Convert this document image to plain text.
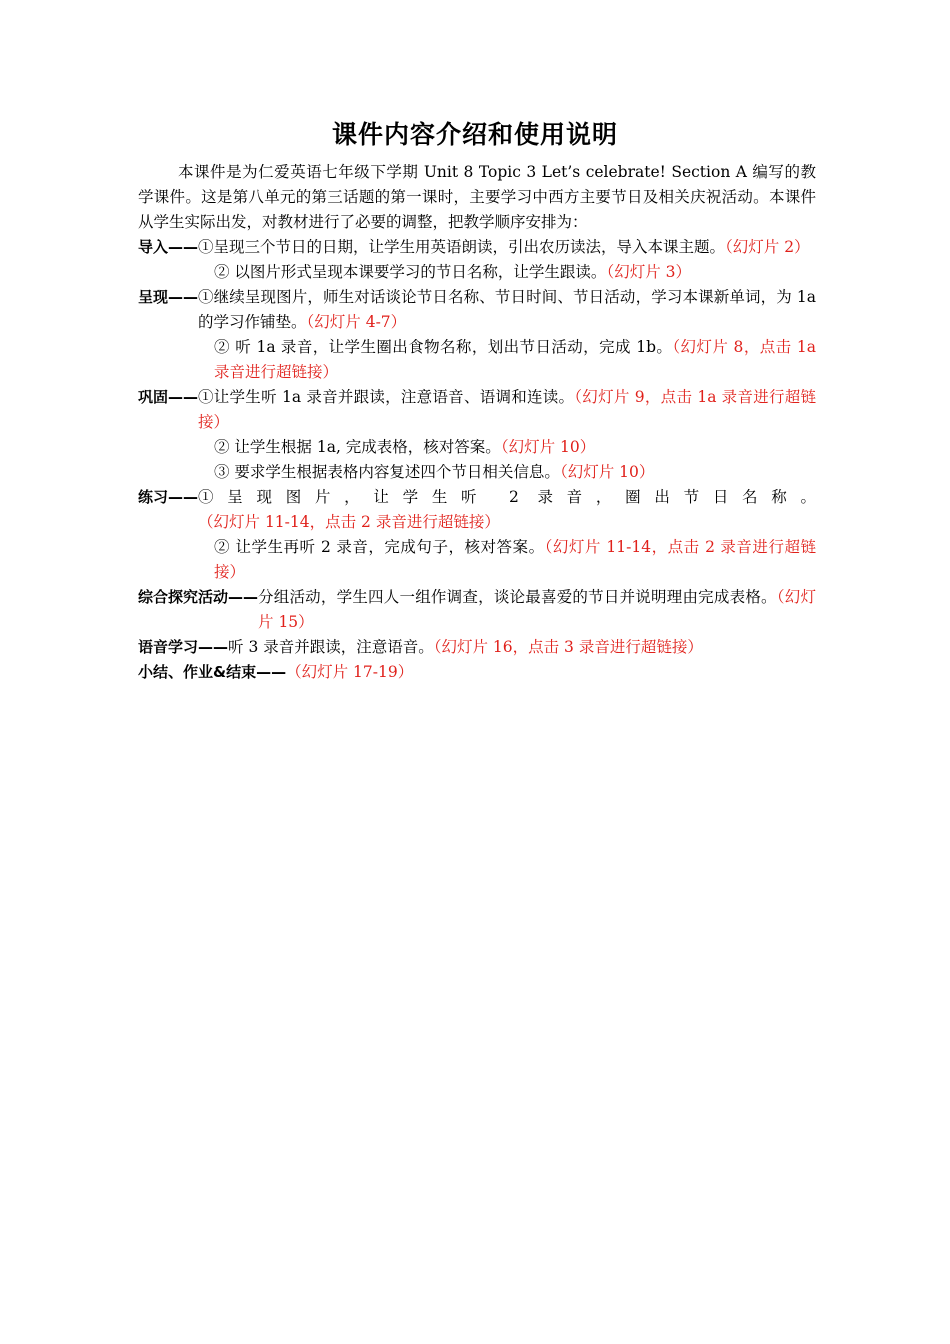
课件内容介绍和使用说明

本课件是为仁爱英语七年级下学期 Unit 8 Topic 3 Let’s celebrate! Section A 编写的教学课件。这是第八单元的第三话题的第一课时，主要学习中西方主要节日及相关庆祝活动。本课件从学生实际出发，对教材进行了必要的调整，把教学顺序安排为：

导入—— ①呈现三个节日的日期，让学生用英语朗读，引出农历读法，导入本课主题。（幻灯片 2）
② 以图片形式呈现本课要学习的节日名称，让学生跟读。（幻灯片 3）
呈现—— ①继续呈现图片，师生对话谈论节日名称、节日时间、节日活动，学习本课新单词，为 1a 的学习作铺垫。（幻灯片 4-7）
② 听 1a 录音，让学生圈出食物名称，划出节日活动，完成 1b。（幻灯片 8，点击 1a 录音进行超链接）
巩固—— ①让学生听 1a 录音并跟读，注意语音、语调和连读。（幻灯片 9，点击 1a 录音进行超链接）
② 让学生根据 1a, 完成表格，核对答案。（幻灯片 10）
③ 要求学生根据表格内容复述四个节日相关信息。（幻灯片 10）
练习—— ①呈现图片，让学生听 2 录音，圈出节日名称。（幻灯片 11-14，点击 2 录音进行超链接）
② 让学生再听 2 录音，完成句子，核对答案。（幻灯片 11-14，点击 2 录音进行超链接）
综合探究活动—— 分组活动，学生四人一组作调查，谈论最喜爱的节日并说明理由完成表格。（幻灯片 15）
语音学习—— 听 3 录音并跟读，注意语音。（幻灯片 16，点击 3 录音进行超链接）
小结、作业&结束—— （幻灯片 17-19）
